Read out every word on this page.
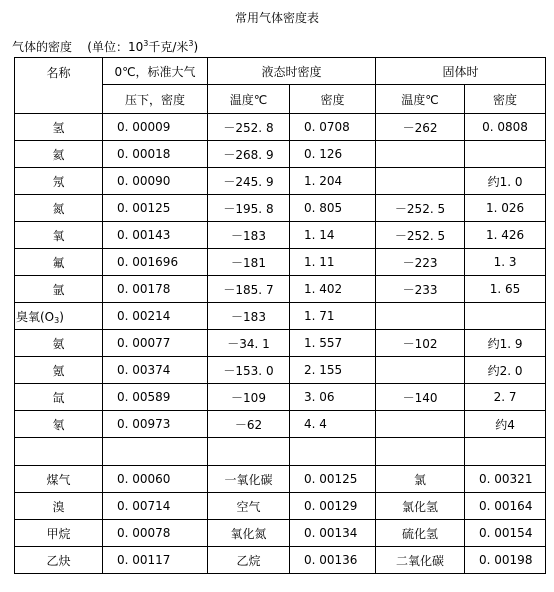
常用气体密度表
气体的密度    (单位：$10^3$千克/米$^3$)
名称	0℃，标准大气	液态时密度		固体时	
	压下，密度	温度℃	密度	温度℃	密度
氢	0. 00009	－252. 8	0. 0708	－262	0. 0808
氦	0. 00018	－268. 9	0. 126		
氖	0. 00090	－245. 9	1. 204		约1. 0
氮	0. 00125	－195. 8	0. 805	－252. 5	1. 026
氧	0. 00143	－183	1. 14	－252. 5	1. 426
氟	0. 001696	－181	1. 11	－223	1. 3
氩	0. 00178	－185. 7	1. 402	－233	1. 65
臭氧(O3)	0. 00214	－183	1. 71		
氨	0. 00077	－34. 1	1. 557	－102	约1. 9
氪	0. 00374	－153. 0	2. 155		约2. 0
氙	0. 00589	－109	3. 06	－140	2. 7
氡	0. 00973	－62	4. 4		约4

煤气	0. 00060	一氧化碳	0. 00125	氯	0. 00321
溴	0. 00714	空气	0. 00129	氯化氢	0. 00164
甲烷	0. 00078	氧化氮	0. 00134	硫化氢	0. 00154
乙炔	0. 00117	乙烷	0. 00136	二氧化碳	0. 00198
